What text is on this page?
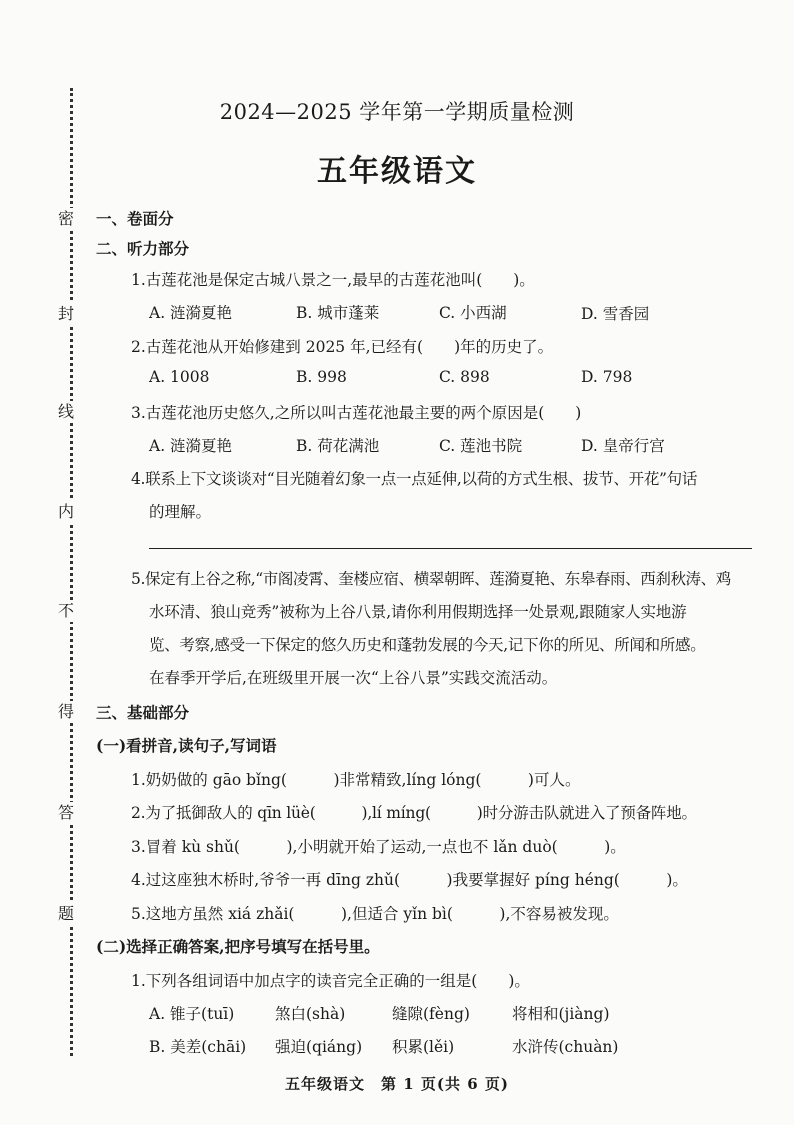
密
封
线
内
不
得
答
题
2024—2025 学年第一学期质量检测
五年级语文
一、卷面分
二、听力部分
1.古莲花池是保定古城八景之一,最早的古莲花池叫(　　)。
A. 涟漪夏艳	B. 城市蓬莱	C. 小西湖	D. 雪香园
2.古莲花池从开始修建到 2025 年,已经有(　　)年的历史了。
A. 1008	B. 998	C. 898	D. 798
3.古莲花池历史悠久,之所以叫古莲花池最主要的两个原因是(　　)
A. 涟漪夏艳	B. 荷花满池	C. 莲池书院	D. 皇帝行宫
4.联系上下文谈谈对“目光随着幻象一点一点延伸,以荷的方式生根、拔节、开花”句话
的理解。
5.保定有上谷之称,“市阁凌霄、奎楼应宿、横翠朝晖、莲漪夏艳、东皋春雨、西刹秋涛、鸡
水环清、狼山竞秀”被称为上谷八景,请你利用假期选择一处景观,跟随家人实地游
览、考察,感受一下保定的悠久历史和蓬勃发展的今天,记下你的所见、所闻和所感。
在春季开学后,在班级里开展一次“上谷八景”实践交流活动。
三、基础部分
(一)看拼音,读句子,写词语
1.奶奶做的 gāo bǐng(　　　)非常精致,líng lóng(　　　)可人。
2.为了抵御敌人的 qīn lüè(　　　),lí míng(　　　)时分游击队就进入了预备阵地。
3.冒着 kù shǔ(　　　),小明就开始了运动,一点也不 lǎn duò(　　　)。
4.过这座独木桥时,爷爷一再 dīng zhǔ(　　　)我要掌握好 píng héng(　　　)。
5.这地方虽然 xiá zhǎi(　　　),但适合 yǐn bì(　　　),不容易被发现。
(二)选择正确答案,把序号填写在括号里。
1.下列各组词语中加点字的读音完全正确的一组是(　　)。
A. 锥子(tuī)	煞白(shà)	缝隙(fèng)	将相和(jiàng)
B. 美差(chāi) 强迫(qiáng) 积累(lěi)	水浒传(chuàn)
五年级语文　第 1 页(共 6 页)
